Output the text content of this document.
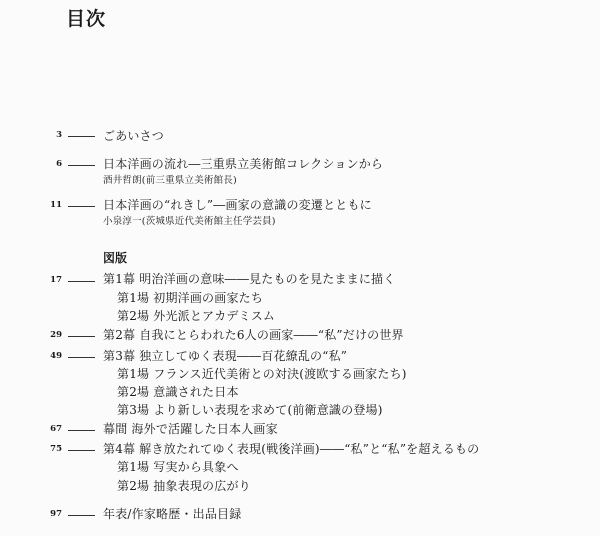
目次
3	ごあいさつ
6	日本洋画の流れ―三重県立美術館コレクションから
酒井哲朗(前三重県立美術館長)
11	日本洋画の“れきし”―画家の意識の変遷とともに
小泉淳一(茨城県近代美術館主任学芸員)
図版
17	第1幕 明治洋画の意味――見たものを見たままに描く
第1場 初期洋画の画家たち
第2場 外光派とアカデミスム
29	第2幕 自我にとらわれた6人の画家――“私”だけの世界
49	第3幕 独立してゆく表現――百花繚乱の“私”
第1場 フランス近代美術との対決(渡欧する画家たち)
第2場 意識された日本
第3場 より新しい表現を求めて(前衛意識の登場)
67	幕間 海外で活躍した日本人画家
75	第4幕 解き放たれてゆく表現(戦後洋画)――“私”と“私”を超えるもの
第1場 写実から具象へ
第2場 抽象表現の広がり
97	年表/作家略歴・出品目録
